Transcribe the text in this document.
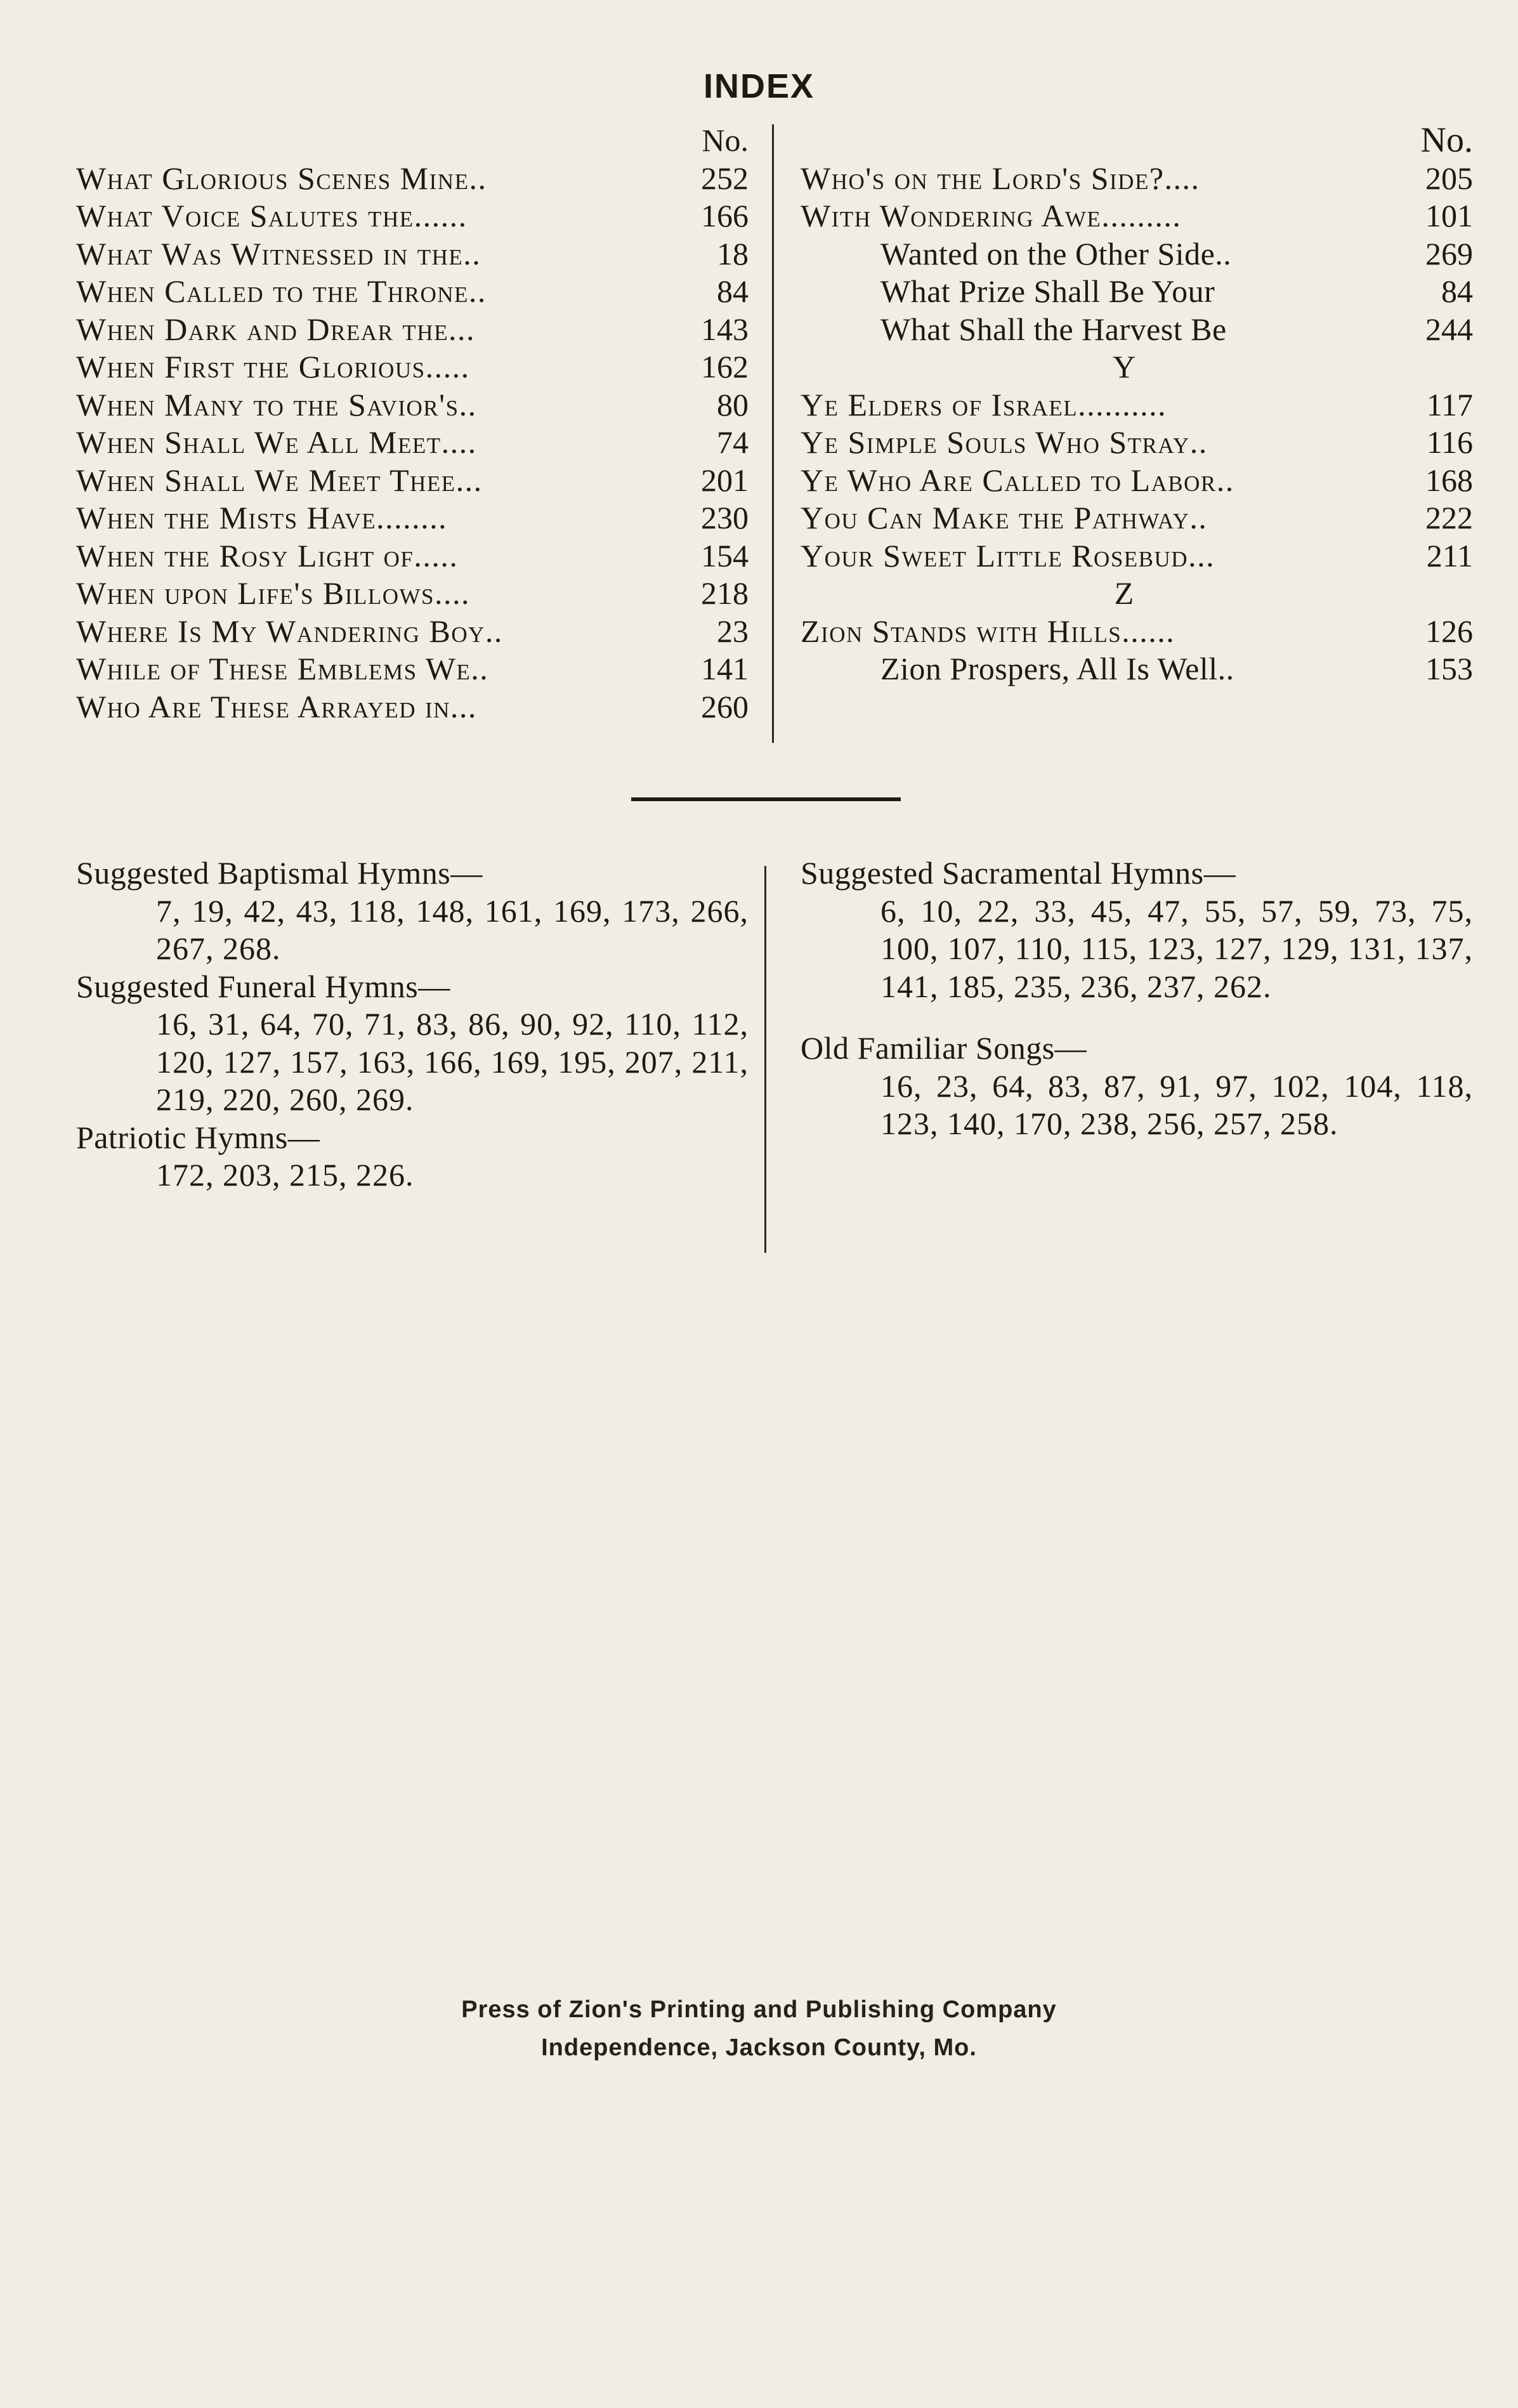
INDEX
No.
What Glorious Scenes Mine..	252
What Voice Salutes the......	166
What Was Witnessed in the..	18
When Called to the Throne..	84
When Dark and Drear the...	143
When First the Glorious.....	162
When Many to the Savior's..	80
When Shall We All Meet....	74
When Shall We Meet Thee...	201
When the Mists Have........	230
When the Rosy Light of.....	154
When upon Life's Billows....	218
Where Is My Wandering Boy..	23
While of These Emblems We..	141
Who Are These Arrayed in...	260
No.
Who's on the Lord's Side?....	205
With Wondering Awe.........	101
Wanted on the Other Side..	269
What Prize Shall Be Your	84
What Shall the Harvest Be	244
Y
Ye Elders of Israel..........	117
Ye Simple Souls Who Stray..	116
Ye Who Are Called to Labor..	168
You Can Make the Pathway..	222
Your Sweet Little Rosebud...	211
Z
Zion Stands with Hills......	126
Zion Prospers, All Is Well..	153
Suggested Baptismal Hymns—
7, 19, 42, 43, 118, 148, 161, 169, 173, 266, 267, 268.
Suggested Funeral Hymns—
16, 31, 64, 70, 71, 83, 86, 90, 92, 110, 112, 120, 127, 157, 163, 166, 169, 195, 207, 211, 219, 220, 260, 269.
Patriotic Hymns—
172, 203, 215, 226.
Suggested Sacramental Hymns—
6, 10, 22, 33, 45, 47, 55, 57, 59, 73, 75, 100, 107, 110, 115, 123, 127, 129, 131, 137, 141, 185, 235, 236, 237, 262.
Old Familiar Songs—
16, 23, 64, 83, 87, 91, 97, 102, 104, 118, 123, 140, 170, 238, 256, 257, 258.
Press of Zion's Printing and Publishing Company
Independence, Jackson County, Mo.
